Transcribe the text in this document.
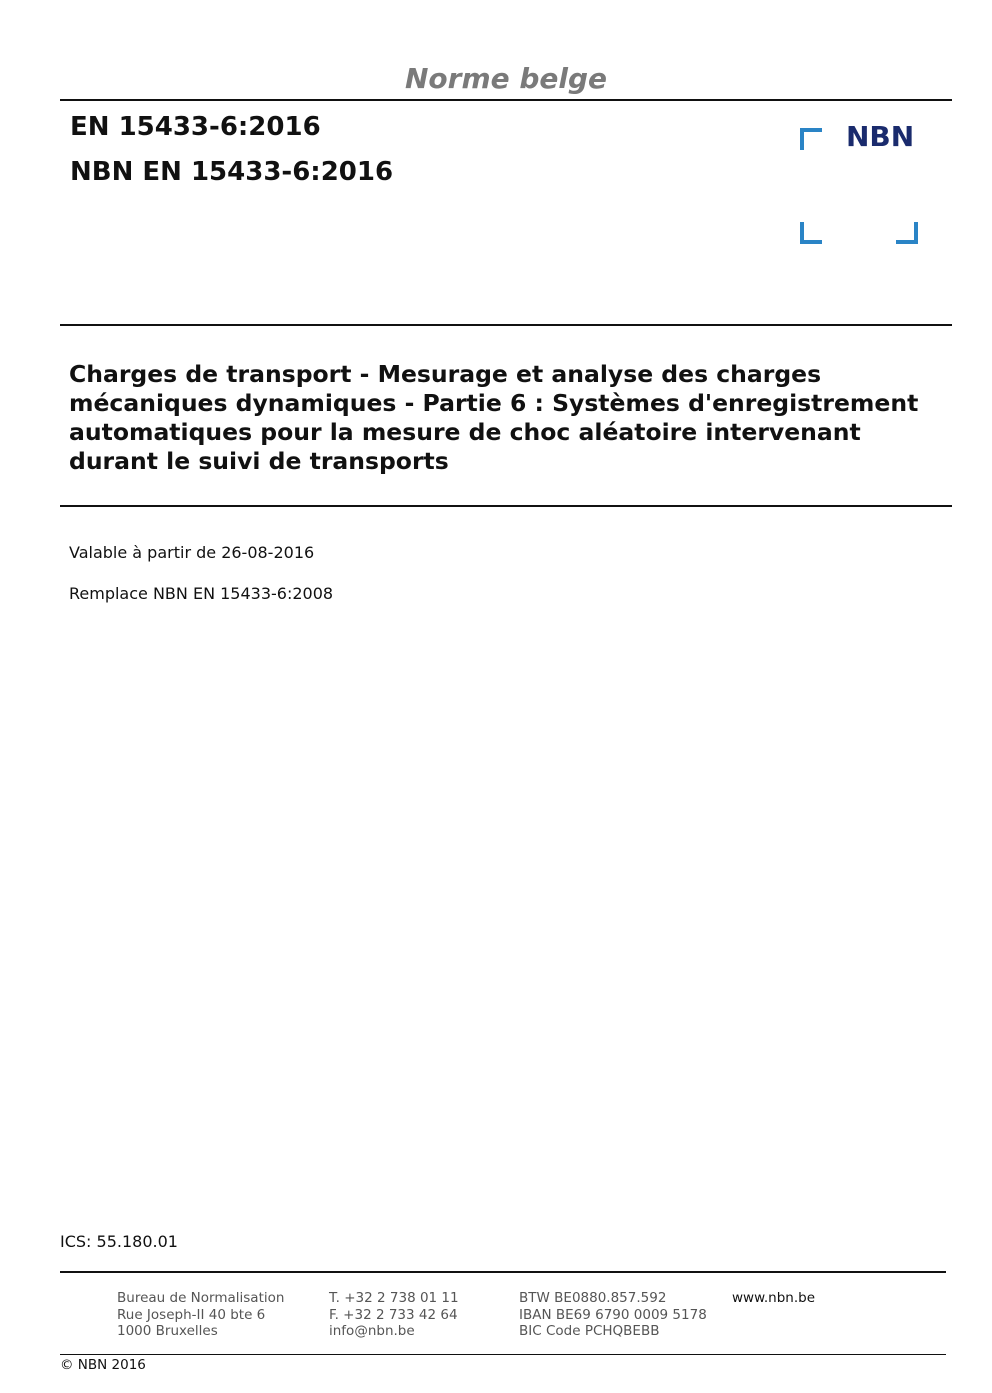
Norme belge
EN 15433-6:2016
NBN EN 15433-6:2016
NBN
Charges de transport - Mesurage et analyse des charges mécaniques dynamiques - Partie 6 : Systèmes d'enregistrement automatiques pour la mesure de choc aléatoire intervenant durant le suivi de transports
Valable à partir de 26-08-2016
Remplace NBN EN 15433-6:2008
ICS: 55.180.01
Bureau de Normalisation
Rue Joseph-II 40 bte 6
1000 Bruxelles
T. +32 2 738 01 11
F. +32 2 733 42 64
info@nbn.be
BTW BE0880.857.592
IBAN BE69 6790 0009 5178
BIC Code PCHQBEBB
www.nbn.be
© NBN 2016
